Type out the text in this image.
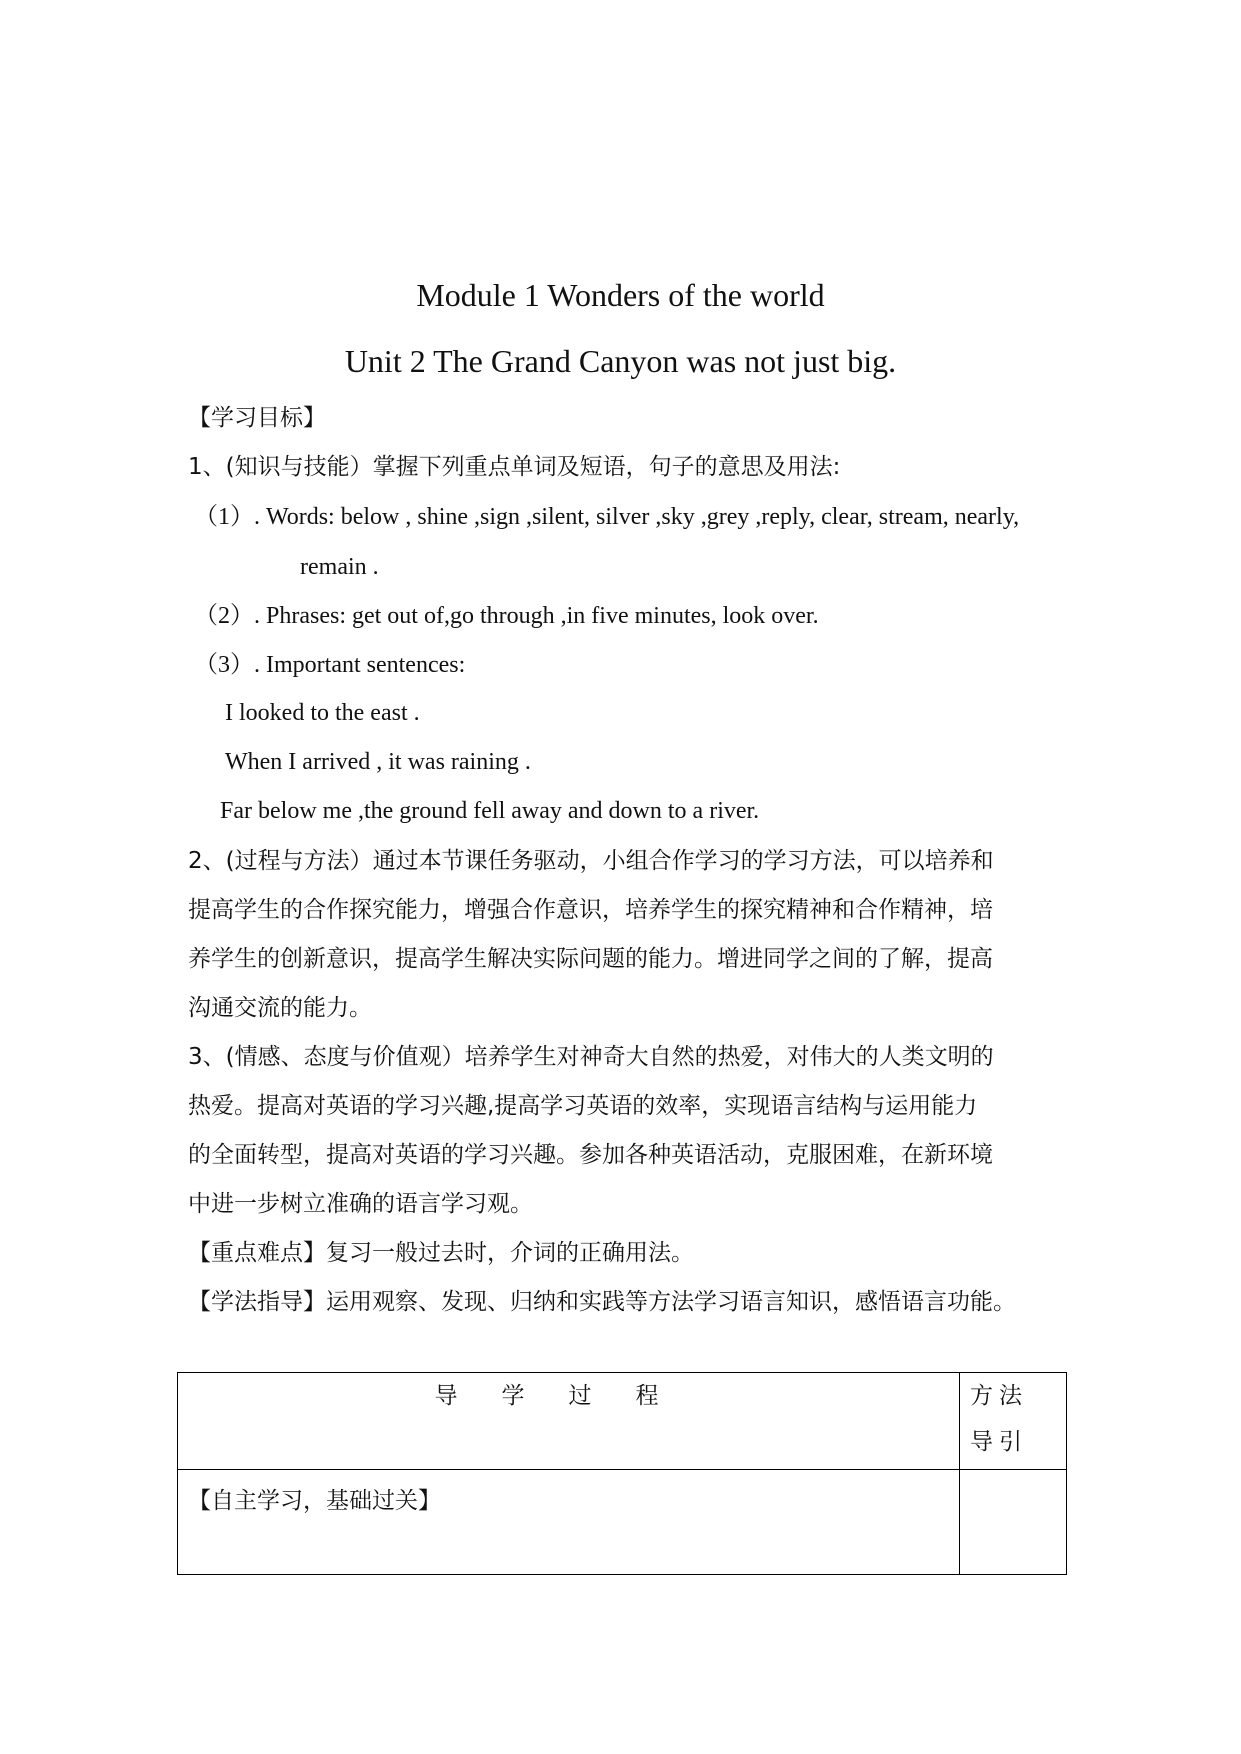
Module 1 Wonders of the world
Unit 2 The Grand Canyon was not just big.
【学习目标】
1、(知识与技能）掌握下列重点单词及短语，句子的意思及用法:
（1）. Words: below , shine ,sign ,silent, silver ,sky ,grey ,reply, clear, stream, nearly,
remain .
（2）. Phrases: get out of,go through ,in five minutes, look over.
（3）. Important sentences:
I looked to the east .
When I arrived , it was raining .
Far below me ,the ground fell away and down to a river.
2、(过程与方法）通过本节课任务驱动，小组合作学习的学习方法，可以培养和
提高学生的合作探究能力，增强合作意识，培养学生的探究精神和合作精神，培
养学生的创新意识，提高学生解决实际问题的能力。增进同学之间的了解，提高
沟通交流的能力。
3、(情感、态度与价值观）培养学生对神奇大自然的热爱，对伟大的人类文明的
热爱。提高对英语的学习兴趣,提高学习英语的效率，实现语言结构与运用能力
的全面转型，提高对英语的学习兴趣。参加各种英语活动，克服困难，在新环境
中进一步树立准确的语言学习观。
【重点难点】复习一般过去时，介词的正确用法。
【学法指导】运用观察、发现、归纳和实践等方法学习语言知识，感悟语言功能。
导学过程	方法导引
【自主学习，基础过关】	
